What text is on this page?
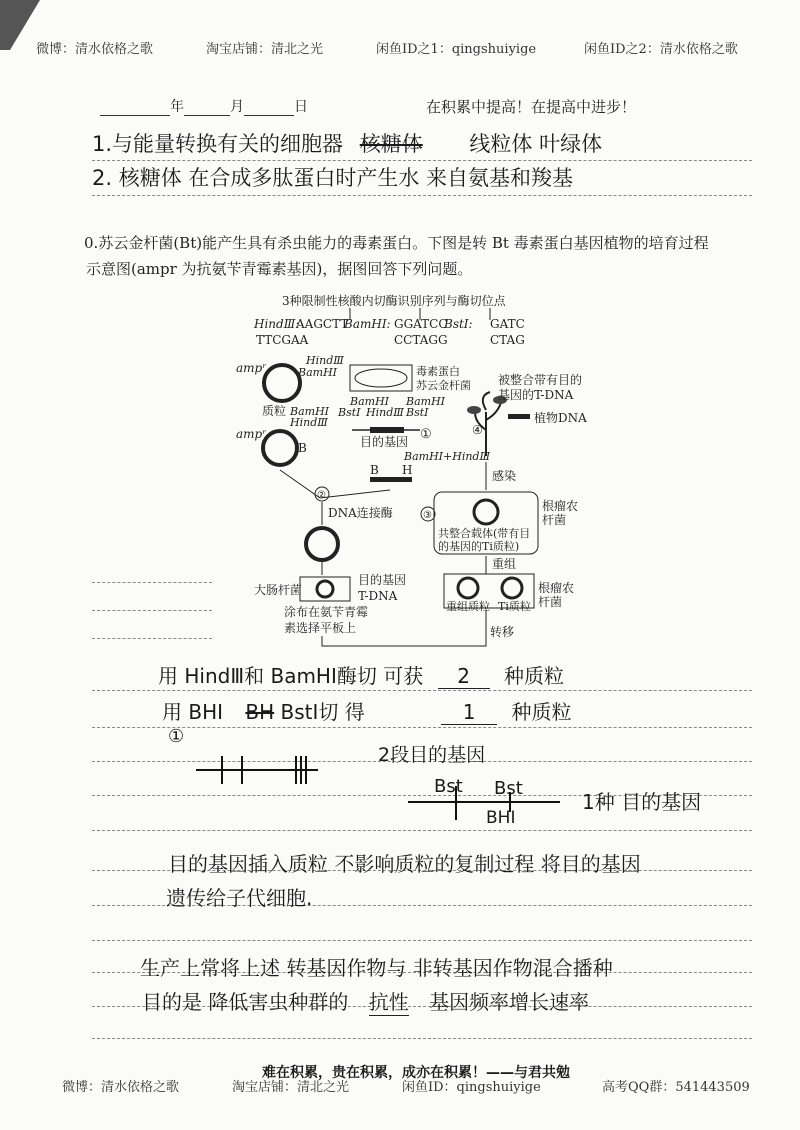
微博：清水依格之歌	淘宝店铺：清北之光	闲鱼ID之1：qingshuiyige	闲鱼ID之2：清水依格之歌
年	月	日	在积累中提高！在提高中进步！
1.与能量转换有关的细胞器 核糖体 线粒体 叶绿体
2. 核糖体 在合成多肽蛋白时产生水 来自氨基和羧基
0.苏云金杆菌(Bt)能产生具有杀虫能力的毒素蛋白。下图是转 Bt 毒素蛋白基因植物的培育过程
示意图(ampr 为抗氨苄青霉素基因)，据图回答下列问题。
3种限制性核酸内切酶识别序列与酶切位点
HindⅢ:
AAGCTT
TTCGAA
BamHⅠ: GGATCC
CCTAGG
BstⅠ: GATC
CTAG
ampʳ
HindⅢ
BamHⅠ
质粒 BamHⅠ
ampʳ
HindⅢ
B
毒素蛋白
苏云金杆菌
BamHⅠ BamHⅠ
BstⅠ HindⅢ BstⅠ
目的基因 ①
BamHⅠ+HindⅢ
B H
②
DNA连接酶
大肠杆菌
目的基因
T-DNA
涂布在氨苄青霉
素选择平板上	转移
重组质粒 Ti质粒
根瘤农
杆菌
重组
共整合载体(带有目
的基因的Ti质粒)
根瘤农
杆菌
③
感染
④
被整合带有目的
基因的T-DNA
植物DNA
用 HindⅢ和 BamHⅠ酶切 可获 2 种质粒
用 BHⅠ BH BstⅠ切 得	1 种质粒
①
2段目的基因
Bst Bst
BHⅠ
1种 目的基因
目的基因插入质粒 不影响质粒的复制过程 将目的基因
遗传给子代细胞.
生产上常将上述 转基因作物与 非转基因作物混合播种
目的是 降低害虫种群的 抗性 基因频率增长速率
难在积累，贵在积累，成亦在积累！——与君共勉
微博：清水依格之歌	淘宝店铺：清北之光	闲鱼ID：qingshuiyige	高考QQ群：541443509
